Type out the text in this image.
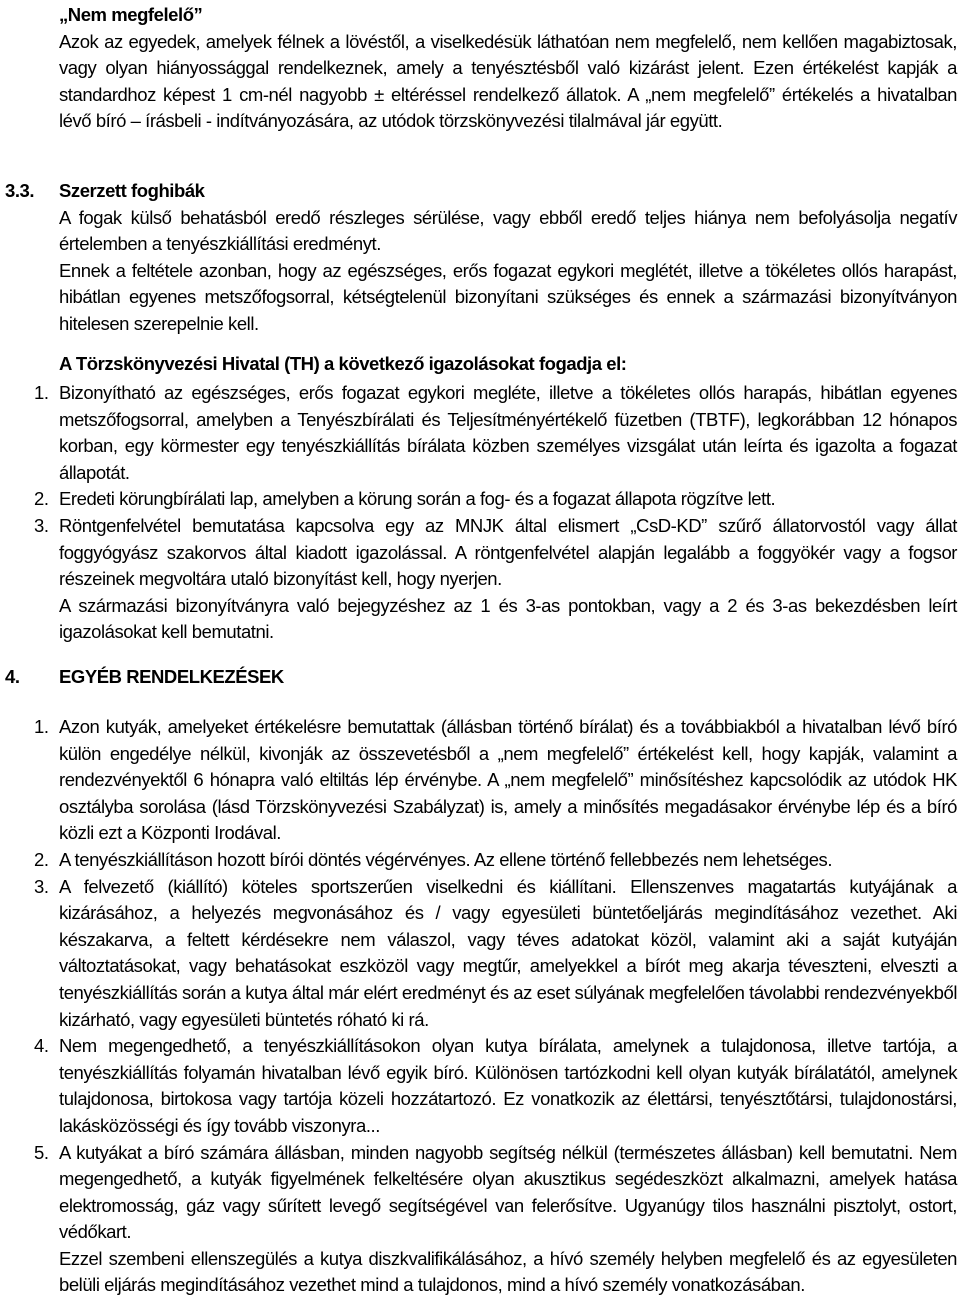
„Nem megfelelő”

Azok az egyedek, amelyek félnek a lövéstől, a viselkedésük láthatóan nem megfelelő, nem kellően magabiztosak, vagy olyan hiányossággal rendelkeznek, amely a tenyésztésből való kizárást jelent. Ezen értékelést kapják a standardhoz képest 1 cm-nél nagyobb ± eltéréssel rendelkező állatok. A „nem megfelelő” értékelés a hivatalban lévő bíró – írásbeli - indítványozására, az utódok törzskönyvezési tilalmával jár együtt.

3.3. Szerzett foghibák

A fogak külső behatásból eredő részleges sérülése, vagy ebből eredő teljes hiánya nem befolyásolja negatív értelemben a tenyészkiállítási eredményt.

Ennek a feltétele azonban, hogy az egészséges, erős fogazat egykori meglétét, illetve a tökéletes ollós harapást, hibátlan egyenes metszőfogsorral, kétségtelenül bizonyítani szükséges és ennek a származási bizonyítványon hitelesen szerepelnie kell.

A Törzskönyvezési Hivatal (TH) a következő igazolásokat fogadja el:

1. Bizonyítható az egészséges, erős fogazat egykori megléte, illetve a tökéletes ollós harapás, hibátlan egyenes metszőfogsorral, amelyben a Tenyészbírálati és Teljesítményértékelő füzetben (TBTF), legkorábban 12 hónapos korban, egy körmester egy tenyészkiállítás bírálata közben személyes vizsgálat után leírta és igazolta a fogazat állapotát.

2. Eredeti körungbírálati lap, amelyben a körung során a fog- és a fogazat állapota rögzítve lett.

3. Röntgenfelvétel bemutatása kapcsolva egy az MNJK által elismert „CsD-KD” szűrő állatorvostól vagy állat foggyógyász szakorvos által kiadott igazolással. A röntgenfelvétel alapján legalább a foggyökér vagy a fogsor részeinek megvoltára utaló bizonyítást kell, hogy nyerjen.

A származási bizonyítványra való bejegyzéshez az 1 és 3-as pontokban, vagy a 2 és 3-as bekezdésben leírt igazolásokat kell bemutatni.

4. EGYÉB RENDELKEZÉSEK
1. Azon kutyák, amelyeket értékelésre bemutattak (állásban történő bírálat) és a továbbiakból a hivatalban lévő bíró külön engedélye nélkül, kivonják az összevetésből a „nem megfelelő” értékelést kell, hogy kapják, valamint a rendezvényektől 6 hónapra való eltiltás lép érvénybe. A „nem megfelelő” minősítéshez kapcsolódik az utódok HK osztályba sorolása (lásd Törzskönyvezési Szabályzat) is, amely a minősítés megadásakor érvénybe lép és a bíró közli ezt a Központi Irodával.

2. A tenyészkiállításon hozott bírói döntés végérvényes. Az ellene történő fellebbezés nem lehetséges.

3. A felvezető (kiállító) köteles sportszerűen viselkedni és kiállítani. Ellenszenves magatartás kutyájának a kizárásához, a helyezés megvonásához és / vagy egyesületi büntetőeljárás megindításához vezethet. Aki készakarva, a feltett kérdésekre nem válaszol, vagy téves adatokat közöl, valamint aki a saját kutyáján változtatásokat, vagy behatásokat eszközöl vagy megtűr, amelyekkel a bírót meg akarja téveszteni, elveszti a tenyészkiállítás során a kutya által már elért eredményt és az eset súlyának megfelelően távolabbi rendezvényekből kizárható, vagy egyesületi büntetés róható ki rá.

4. Nem megengedhető, a tenyészkiállításokon olyan kutya bírálata, amelynek a tulajdonosa, illetve tartója, a tenyészkiállítás folyamán hivatalban lévő egyik bíró. Különösen tartózkodni kell olyan kutyák bírálatától, amelynek tulajdonosa, birtokosa vagy tartója közeli hozzátartozó. Ez vonatkozik az élettársi, tenyésztőtársi, tulajdonostársi, lakásközösségi és így tovább viszonyra...

5. A kutyákat a bíró számára állásban, minden nagyobb segítség nélkül (természetes állásban) kell bemutatni. Nem megengedhető, a kutyák figyelmének felkeltésére olyan akusztikus segédeszközt alkalmazni, amelyek hatása elektromosság, gáz vagy sűrített levegő segítségével van felerősítve. Ugyanúgy tilos használni pisztolyt, ostort, védőkart.

Ezzel szembeni ellenszegülés a kutya diszkvalifikálásához, a hívó személy helyben megfelelő és az egyesületen belüli eljárás megindításához vezethet mind a tulajdonos, mind a hívó személy vonatkozásában.
